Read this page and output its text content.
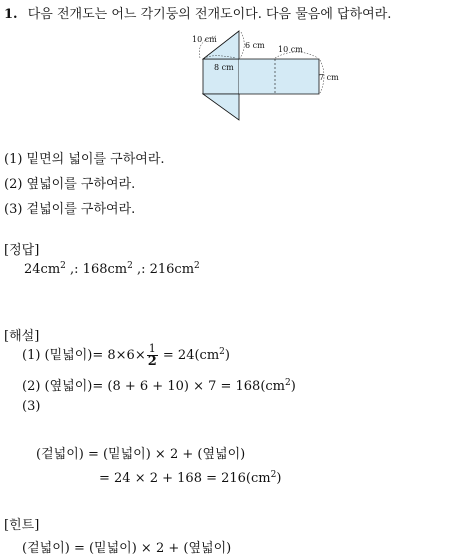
1. 다음 전개도는 어느 각기둥의 전개도이다. 다음 물음에 답하여라.
10 cm
6 cm
8 cm
10 cm
7 cm
(1) 밑면의 넓이를 구하여라.
(2) 옆넓이를 구하여라.
(3) 겉넓이를 구하여라.
[정답]
$24cm^2$ ,: $168cm^2$ ,: $216cm^2$
[해설]
(1) (밑넓이)= $8\times 6\times \frac{1}{2} = 24(cm^2)$
(2) (옆넓이)= $(8 + 6 + 10) \times 7 = 168(cm^2)$
(3)
(겉넓이) = (밑넓이) × 2 + (옆넓이)
= $24 \times 2 + 168 = 216(cm^2)$
[힌트]
(겉넓이) = (밑넓이) × 2 + (옆넓이)
